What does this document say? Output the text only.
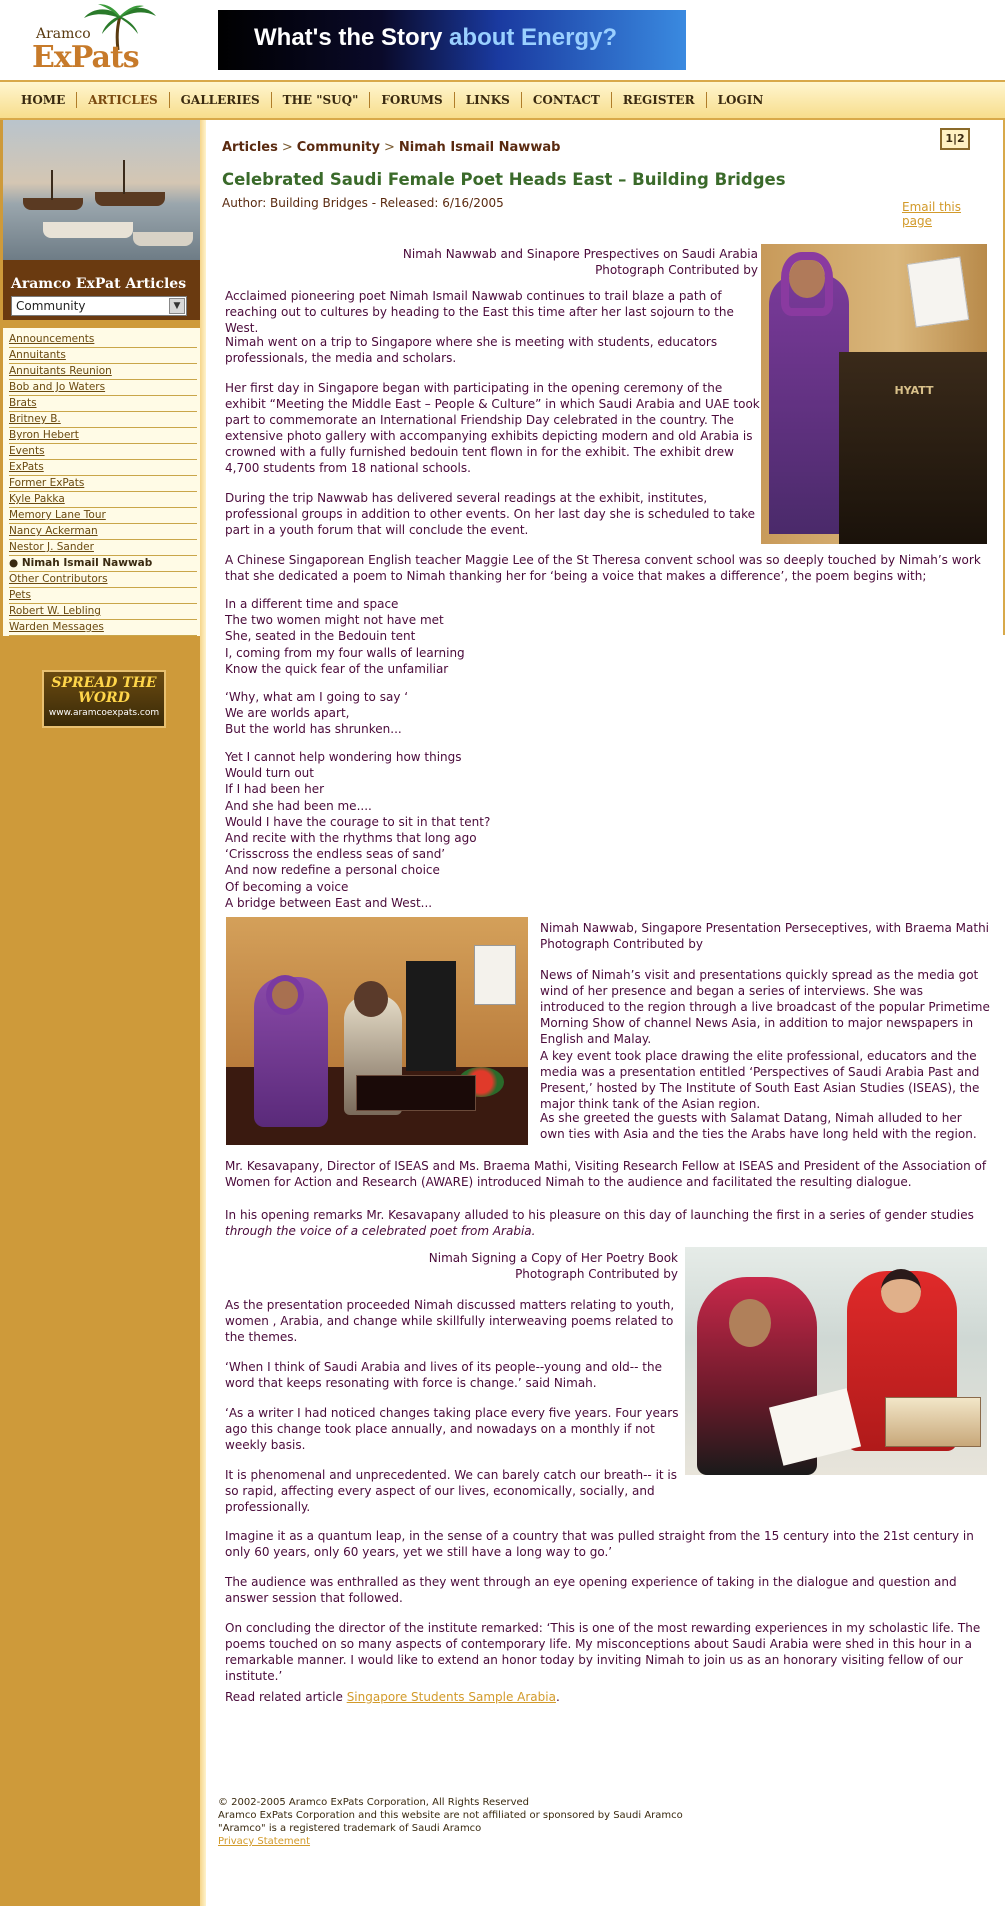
Aramco
ExPats
What's the Story about Energy?
HOME	ARTICLES	GALLERIES	THE "SUQ"	FORUMS	LINKS	CONTACT	REGISTER	LOGIN
Aramco ExPat Articles
Community	▼
Announcements
Annuitants
Annuitants Reunion
Bob and Jo Waters
Brats
Britney B.
Byron Hebert
Events
ExPats
Former ExPats
Kyle Pakka
Memory Lane Tour
Nancy Ackerman
Nestor J. Sander
● Nimah Ismail Nawwab
Other Contributors
Pets
Robert W. Lebling
Warden Messages
SPREAD THE
WORD
www.aramcoexpats.com
Articles > Community > Nimah Ismail Nawwab
1|2
Celebrated Saudi Female Poet Heads East – Building Bridges
Author: Building Bridges - Released: 6/16/2005	Email this page
HYATT
Nimah Nawwab and Sinapore Prespectives on Saudi Arabia
Photograph Contributed by
Acclaimed pioneering poet Nimah Ismail Nawwab continues to trail blaze a path of reaching out to cultures by heading to the East this time after her last sojourn to the West.
Nimah went on a trip to Singapore where she is meeting with students, educators professionals, the media and scholars.
Her first day in Singapore began with participating in the opening ceremony of the exhibit “Meeting the Middle East – People & Culture” in which Saudi Arabia and UAE took part to commemorate an International Friendship Day celebrated in the country. The extensive photo gallery with accompanying exhibits depicting modern and old Arabia is crowned with a fully furnished bedouin tent flown in for the exhibit. The exhibit drew 4,700 students from 18 national schools.
During the trip Nawwab has delivered several readings at the exhibit, institutes, professional groups in addition to other events. On her last day she is scheduled to take part in a youth forum that will conclude the event.
A Chinese Singaporean English teacher Maggie Lee of the St Theresa convent school was so deeply touched by Nimah’s work that she dedicated a poem to Nimah thanking her for ‘being a voice that makes a difference’, the poem begins with;
In a different time and space
The two women might not have met
She, seated in the Bedouin tent
I, coming from my four walls of learning
Know the quick fear of the unfamiliar
‘Why, what am I going to say ‘
We are worlds apart,
But the world has shrunken...
Yet I cannot help wondering how things
Would turn out
If I had been her
And she had been me....
Would I have the courage to sit in that tent?
And recite with the rhythms that long ago
‘Crisscross the endless seas of sand’
And now redefine a personal choice
Of becoming a voice
A bridge between East and West...
Nimah Nawwab, Singapore Presentation Perseceptives, with Braema Mathi
Photograph Contributed by
News of Nimah’s visit and presentations quickly spread as the media got wind of her presence and began a series of interviews. She was introduced to the region through a live broadcast of the popular Primetime Morning Show of channel News Asia, in addition to major newspapers in English and Malay.
A key event took place drawing the elite professional, educators and the media was a presentation entitled ‘Perspectives of Saudi Arabia Past and Present,’ hosted by The Institute of South East Asian Studies (ISEAS), the major think tank of the Asian region.
As she greeted the guests with Salamat Datang, Nimah alluded to her own ties with Asia and the ties the Arabs have long held with the region.
Mr. Kesavapany, Director of ISEAS and Ms. Braema Mathi, Visiting Research Fellow at ISEAS and President of the Association of Women for Action and Research (AWARE) introduced Nimah to the audience and facilitated the resulting dialogue.
In his opening remarks Mr. Kesavapany alluded to his pleasure on this day of launching the first in a series of gender studies through the voice of a celebrated poet from Arabia.
Nimah Signing a Copy of Her Poetry Book
Photograph Contributed by
As the presentation proceeded Nimah discussed matters relating to youth, women , Arabia, and change while skillfully interweaving poems related to the themes.
‘When I think of Saudi Arabia and lives of its people--young and old-- the word that keeps resonating with force is change.’ said Nimah.
‘As a writer I had noticed changes taking place every five years. Four years ago this change took place annually, and nowadays on a monthly if not weekly basis.
It is phenomenal and unprecedented. We can barely catch our breath-- it is so rapid, affecting every aspect of our lives, economically, socially, and professionally.
Imagine it as a quantum leap, in the sense of a country that was pulled straight from the 15 century into the 21st century in only 60 years, only 60 years, yet we still have a long way to go.’
The audience was enthralled as they went through an eye opening experience of taking in the dialogue and question and answer session that followed.
On concluding the director of the institute remarked: ‘This is one of the most rewarding experiences in my scholastic life. The poems touched on so many aspects of contemporary life. My misconceptions about Saudi Arabia were shed in this hour in a remarkable manner. I would like to extend an honor today by inviting Nimah to join us as an honorary visiting fellow of our institute.’
Read related article Singapore Students Sample Arabia.
© 2002-2005 Aramco ExPats Corporation, All Rights Reserved
Aramco ExPats Corporation and this website are not affiliated or sponsored by Saudi Aramco
"Aramco" is a registered trademark of Saudi Aramco
Privacy Statement
